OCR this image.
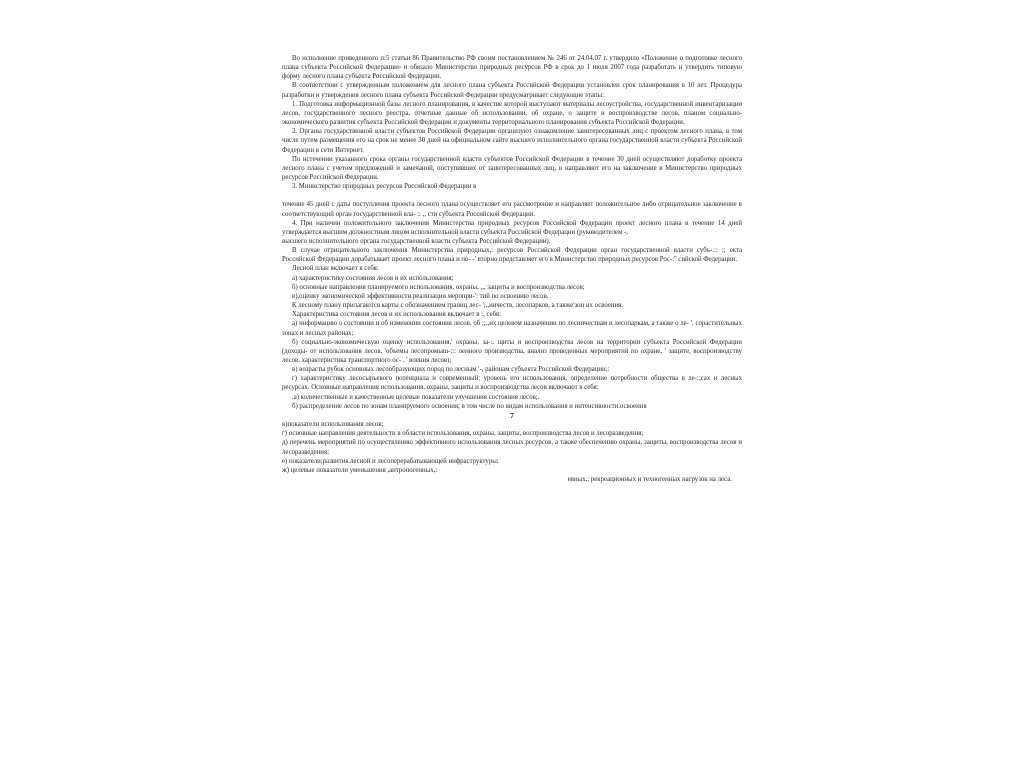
Во исполнение приведенного п:5 статьи 86 Правительство РФ своим постановлением № 246 от 24.04.07 г. утвердило «Положение о подготовке лесного плана субъекта Российской Федерации» и обязало Министерство природных ресурсов РФ в срок до 1 июля 2007 года разработать и утвердить типовую форму лесного плана субъекта Российской Федерации.

В соответствии с утвержденным положением для лесного плана субъекта Российской Федерации установлен срок планирования в 10 лет. Процедура разработки и утверждения лесного плана субъекта Российской Федерации предусматривает следующие этапы:

1. Подготовка информационной базы лесного планирования, в качестве которой выступают материалы лесоустройства, государственной инвентаризации лесов, государственного лесного реестра, отчетные данные об использовании, об охране, о защите и воспроизводстве лесов, планом социально-экономического развития субъекта Российской Федерации и документы территориального планирования субъекта Российской Федерации.

2. Органы государственной власти субъектов Российской Федерации организуют ознакомление заинтересованных лиц с проектом лесного плана, в том числе путем размещения его на срок не менее 30 дней на официальном сайте высшего исполнительного органа государственной власти субъекта Российской Федерации в сети Интернет.

По истечении указанного срока органы государственной власти субъектов Российской Федерации в течение 30 дней осуществляют доработку проекта лесного плана с учетом предложений и замечаний, поступивших от заинтересованных лиц, и направляют его на заключение в Министерство природных ресурсов Российской Федерации.

3. Министерство природных ресурсов Российской Федерации в

течение 45 дней с даты поступления проекта лесного плана осуществляет его рассмотрение и направляет положительное либо отрицательное заключение в соответствующий орган государственной вла- :: ,, сти субъекта Российской Федерации.

4. При наличии положительного заключения Министерства природных ресурсов Российской Федерации проект лесного плана в течение 14 дней утверждается высшим должностным лицом исполнительной власти субъекта Российской Федерации (руководителем -,

высшего исполнительного органа государственной власти субъекта Российской Федерации).

В случае отрицательного заключения Министерства природных,: ресурсов Российской Федерации орган государственной власти субъ-.:: ;; екта Российской Федерации дорабатывает проект лесного плана и по- -' вторно представляет его в Министерство природных ресурсов Рос-:'' сийской Федерации.

Лесной план включает в себя:

а) характеристику состояния лесов и их использования;

б) основные направления планируемого использования, охраны, ,,, защиты и воспроизводства лесов;

в).оценку экономической эффективности реализации меропри-': тий по освоению лесов.

К лесному плану прилагаются карты с обозначением границ лес- ';,,ничеств, лесопарков, а также'зон их освоения.

Характеристика состояния лесов и их использования включает в :, себя:

а) информацию о состоянии и об изменении состояния лесов, об ;;,,их целевом назначении по лесничествам и лесопаркам, а также о ле- '. сорастительных зонах и лесных районах;

б) социально-экономическую оценку использования,' охраны, за-:. щиты и воспроизводства лесов на территории субъекта Российской Федерации (доходы- от использования лесов, 'объемы лесопромыш-;:: ленного производства, анализ проведенных мероприятий по охране, ' защите, воспроизводству лесов, характеристика транспортного ос- . ' воения лесов);

в) возрасты рубок основных лесообразующих пород по лесным '-, районам субъекта Российской Федерации;:

г) характеристику лесосырьевого потенциала и современный: уровень его использования, определение потребности общества в ле-:;сах и лесных ресурсах. Основные направления использования, охраны, защиты и воспроизводства лесов включают в себя:

.а) количественные и качественные целевые показатели улучшения состояния лесов;.

б) распределение лесов по зонам планируемого освоения; в том числе по видам использования и интенсивности.освоения

7

в)показатели использования лесов;

г) основные направления деятельности в области использования, охраны, защиты, воспроизводства лесов и лесоразведения;

д) перечень мероприятий по осуществлению эффективного использования лесных ресурсов, а также обеспечению охраны, защиты, воспроизводства лесов и лесоразведения;

е) показатели;развития.лесной и лесоперерабатывающей инфраструктуры;

ж) целевые показатели уменьшения ,антропогенных,:

евных,; рекреационных и техногенных нагрузок на леса.
